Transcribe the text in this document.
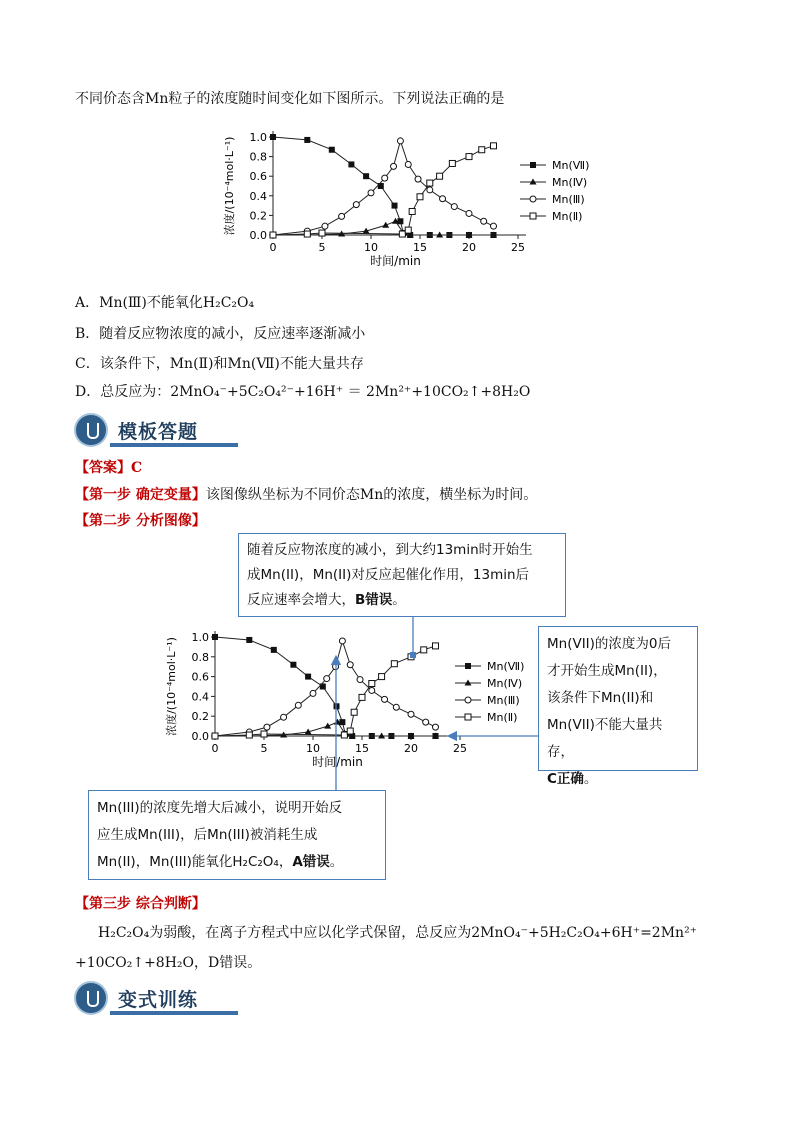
不同价态含Mn粒子的浓度随时间变化如下图所示。下列说法正确的是
0	5	10	15	20	25
0.0
0.2
0.4
0.6
0.8
1.0
时间/min
浓度/(10⁻⁴mol·L⁻¹)	Mn(Ⅶ)
Mn(Ⅳ)
Mn(Ⅲ)
Mn(Ⅱ)
A．Mn(Ⅲ)不能氧化H₂C₂O₄
B．随着反应物浓度的减小，反应速率逐渐减小
C．该条件下，Mn(Ⅱ)和Mn(Ⅶ)不能大量共存
D．总反应为：2MnO₄⁻+5C₂O₄²⁻+16H⁺ ＝ 2Mn²⁺+10CO₂↑+8H₂O
模板答题
【答案】C
【第一步 确定变量】该图像纵坐标为不同价态Mn的浓度，横坐标为时间。
【第二步 分析图像】
随着反应物浓度的减小，到大约13min时开始生
成Mn(II)，Mn(II)对反应起催化作用，13min后
反应速率会增大，B错误。
0	5	10	15	20	25
0.0
0.2
0.4
0.6
0.8
1.0
时间/min
浓度/(10⁻⁴mol·L⁻¹)	Mn(Ⅶ)
Mn(Ⅳ)
Mn(Ⅲ)
Mn(Ⅱ)
Mn(VII)的浓度为0后
才开始生成Mn(II)，
该条件下Mn(II)和
Mn(VII)不能大量共存，
C正确。
Mn(III)的浓度先增大后减小，说明开始反
应生成Mn(III)，后Mn(III)被消耗生成
Mn(II)，Mn(III)能氧化H₂C₂O₄，A错误。
【第三步 综合判断】
H₂C₂O₄为弱酸，在离子方程式中应以化学式保留，总反应为2MnO₄⁻+5H₂C₂O₄+6H⁺=2Mn²⁺
+10CO₂↑+8H₂O，D错误。
变式训练
